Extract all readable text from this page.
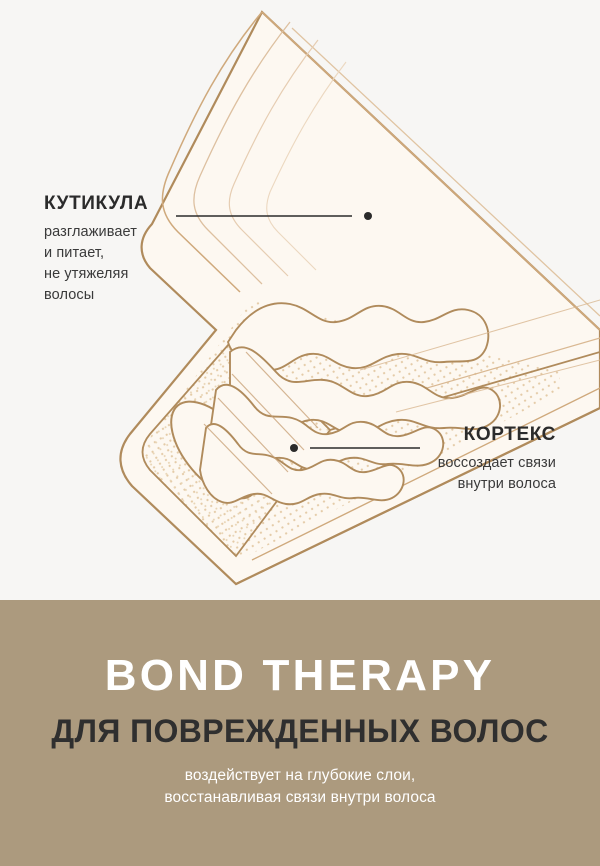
КУТИКУЛА
разглаживает
и питает,
не утяжеляя
волосы
КОРТЕКС
воссоздает связи
внутри волоса
BOND THERAPY
ДЛЯ ПОВРЕЖДЕННЫХ ВОЛОС
воздействует на глубокие слои,
восстанавливая связи внутри волоса
